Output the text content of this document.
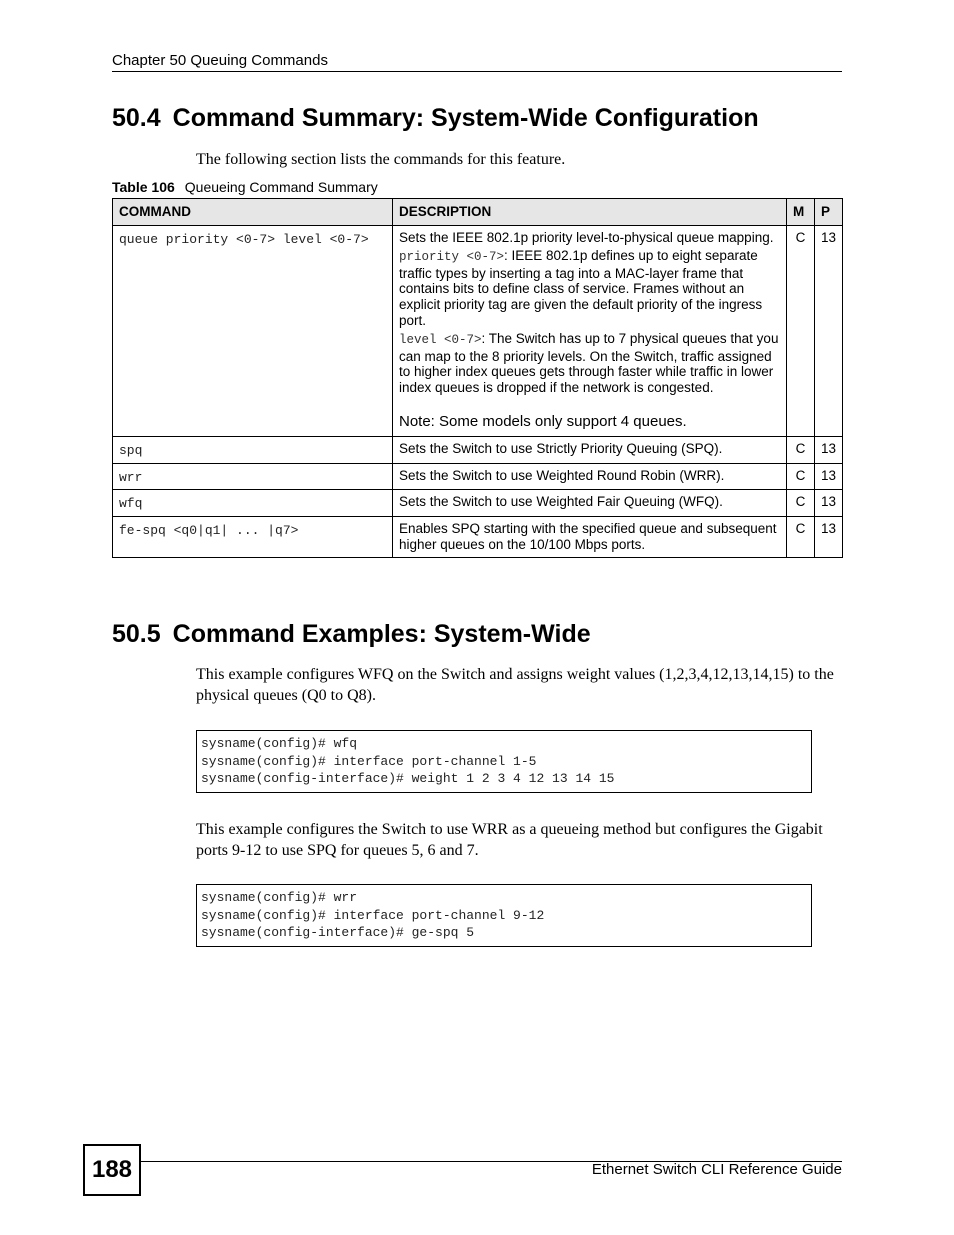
Chapter 50 Queuing Commands
50.4 Command Summary: System-Wide Configuration
The following section lists the commands for this feature.
Table 106 Queueing Command Summary
COMMAND	DESCRIPTION	M	P
queue priority <0-7> level <0-7>	Sets the IEEE 802.1p priority level-to-physical queue mapping.

priority <0-7>: IEEE 802.1p defines up to eight separate traffic types by inserting a tag into a MAC-layer frame that contains bits to define class of service. Frames without an explicit priority tag are given the default priority of the ingress port.

level <0-7>: The Switch has up to 7 physical queues that you can map to the 8 priority levels. On the Switch, traffic assigned to higher index queues gets through faster while traffic in lower index queues is dropped if the network is congested.

Note: Some models only support 4 queues.	C	13
spq	Sets the Switch to use Strictly Priority Queuing (SPQ).	C	13
wrr	Sets the Switch to use Weighted Round Robin (WRR).	C	13
wfq	Sets the Switch to use Weighted Fair Queuing (WFQ).	C	13
fe-spq <q0|q1| ... |q7>	Enables SPQ starting with the specified queue and subsequent higher queues on the 10/100 Mbps ports.	C	13
50.5 Command Examples: System-Wide
This example configures WFQ on the Switch and assigns weight values (1,2,3,4,12,13,14,15) to the physical queues (Q0 to Q8).
sysname(config)# wfq
sysname(config)# interface port-channel 1-5
sysname(config-interface)# weight 1 2 3 4 12 13 14 15
This example configures the Switch to use WRR as a queueing method but configures the Gigabit ports 9-12 to use SPQ for queues 5, 6 and 7.
sysname(config)# wrr
sysname(config)# interface port-channel 9-12
sysname(config-interface)# ge-spq 5
188	Ethernet Switch CLI Reference Guide
